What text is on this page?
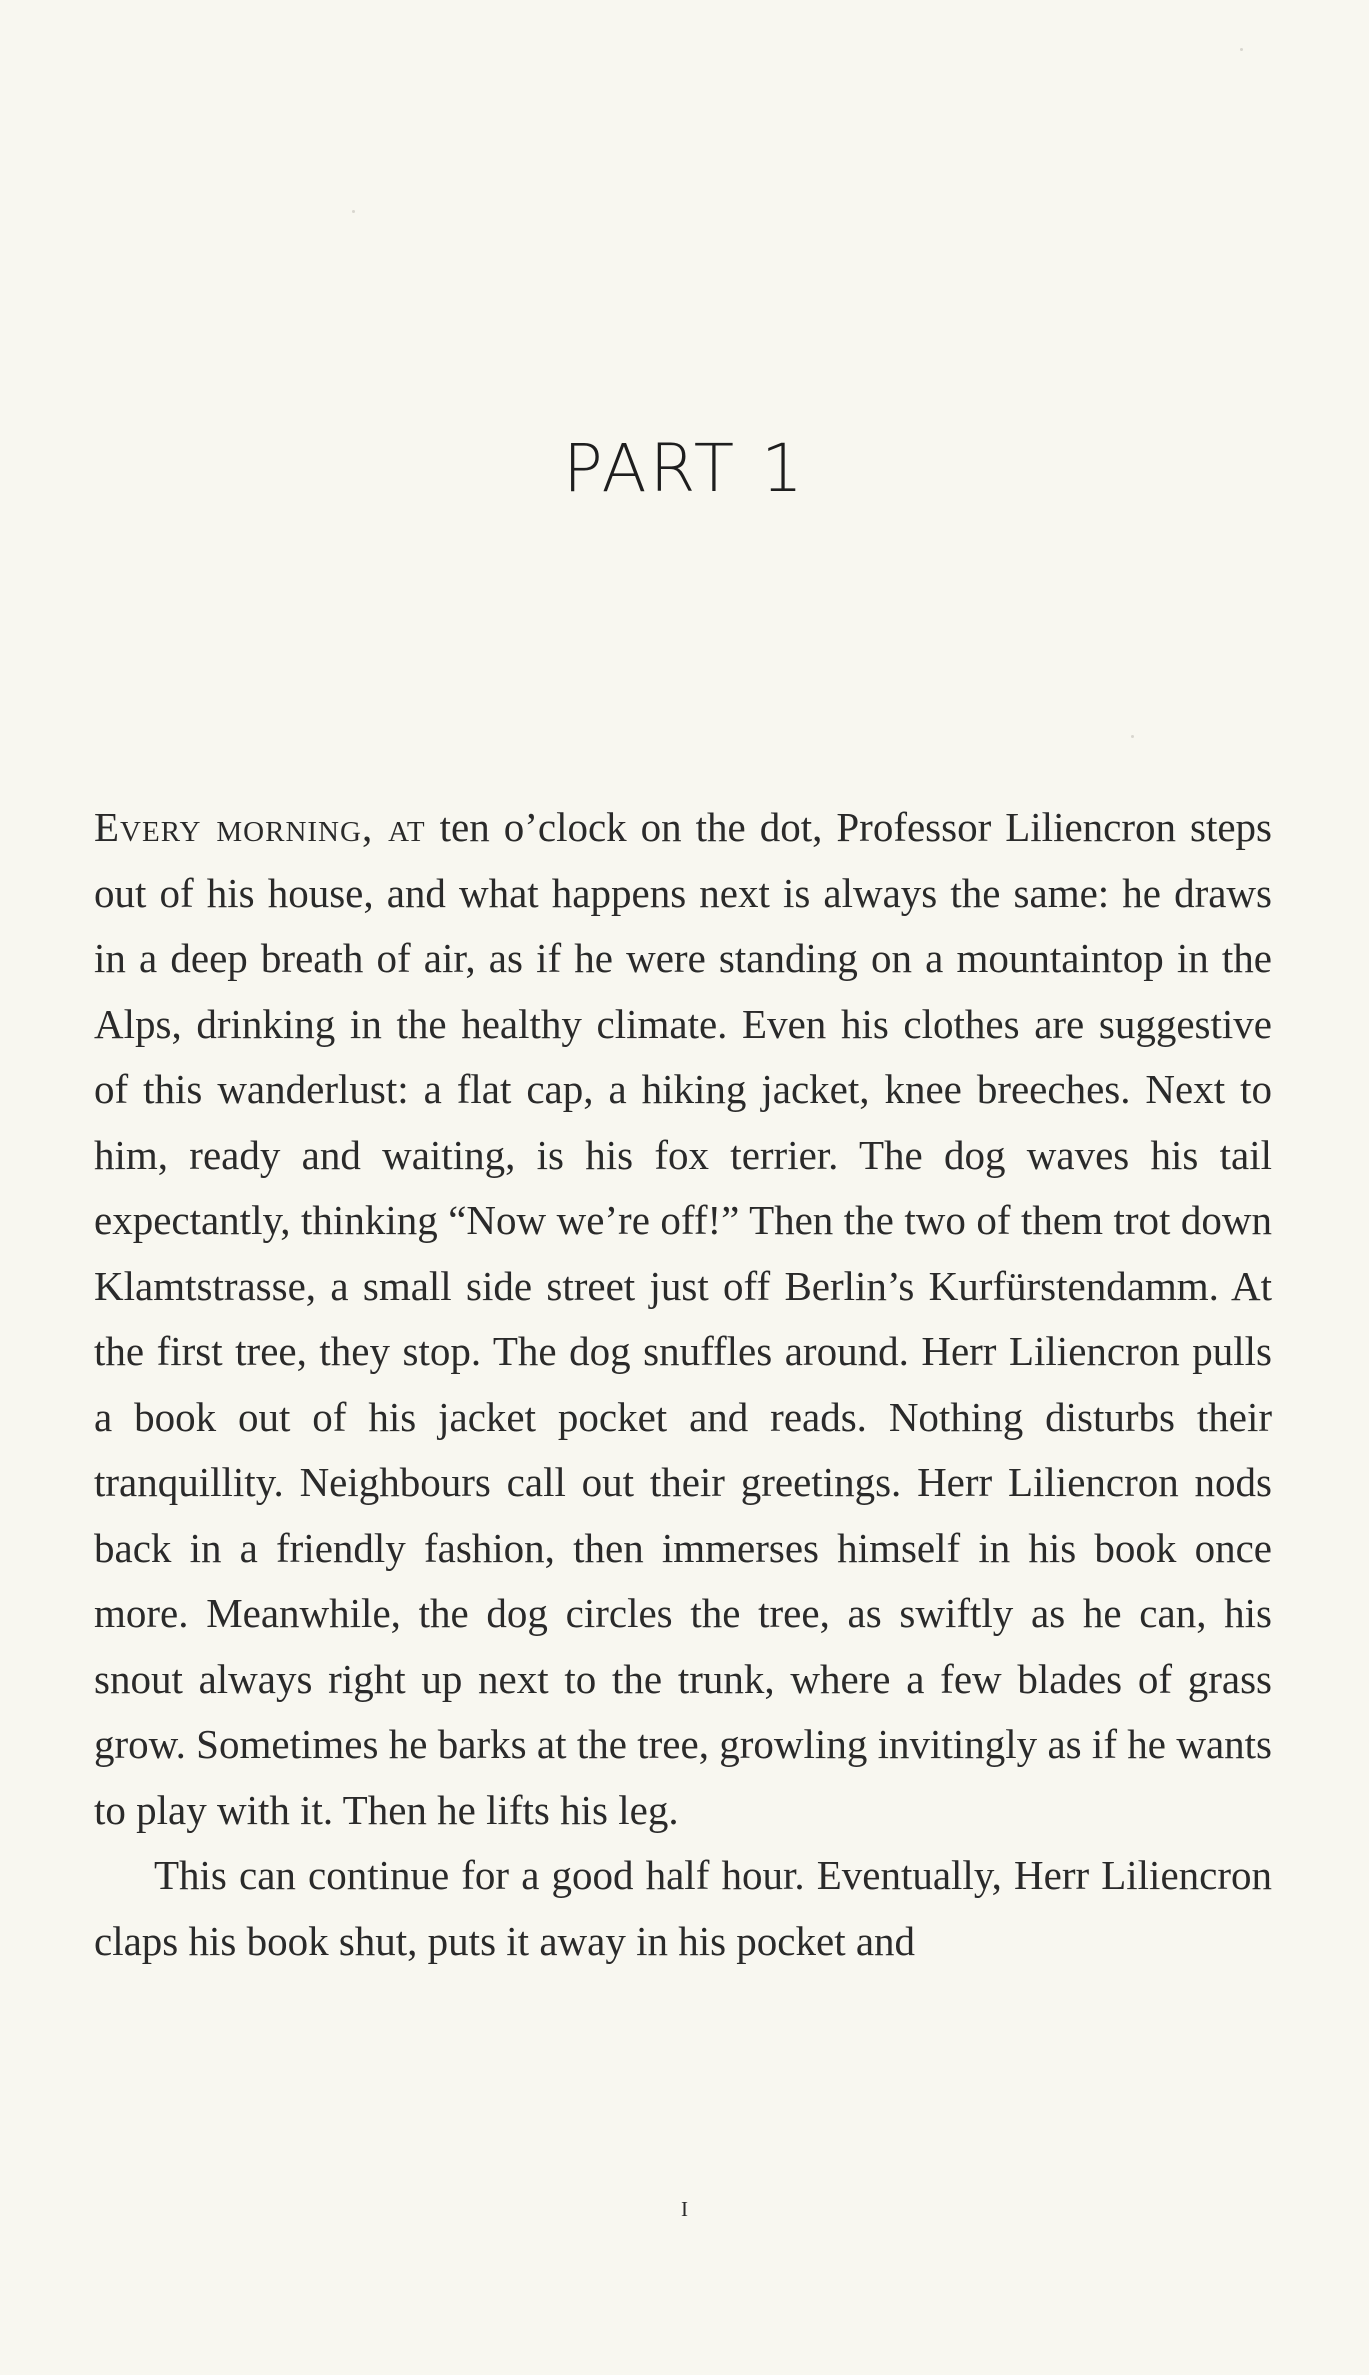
PART 1

Every morning, at ten o’clock on the dot, Professor Liliencron steps out of his house, and what happens next is always the same: he draws in a deep breath of air, as if he were standing on a mountaintop in the Alps, drinking in the healthy climate. Even his clothes are suggestive of this wanderlust: a flat cap, a hiking jacket, knee breeches. Next to him, ready and waiting, is his fox terrier. The dog waves his tail expectantly, thinking “Now we’re off!” Then the two of them trot down Klamtstrasse, a small side street just off Berlin’s Kurfürstendamm. At the first tree, they stop. The dog snuffles around. Herr Liliencron pulls a book out of his jacket pocket and reads. Nothing disturbs their tranquillity. Neighbours call out their greetings. Herr Liliencron nods back in a friendly fashion, then immerses himself in his book once more. Meanwhile, the dog circles the tree, as swiftly as he can, his snout always right up next to the trunk, where a few blades of grass grow. Sometimes he barks at the tree, growling invitingly as if he wants to play with it. Then he lifts his leg.

This can continue for a good half hour. Eventually, Herr Liliencron claps his book shut, puts it away in his pocket and

i
